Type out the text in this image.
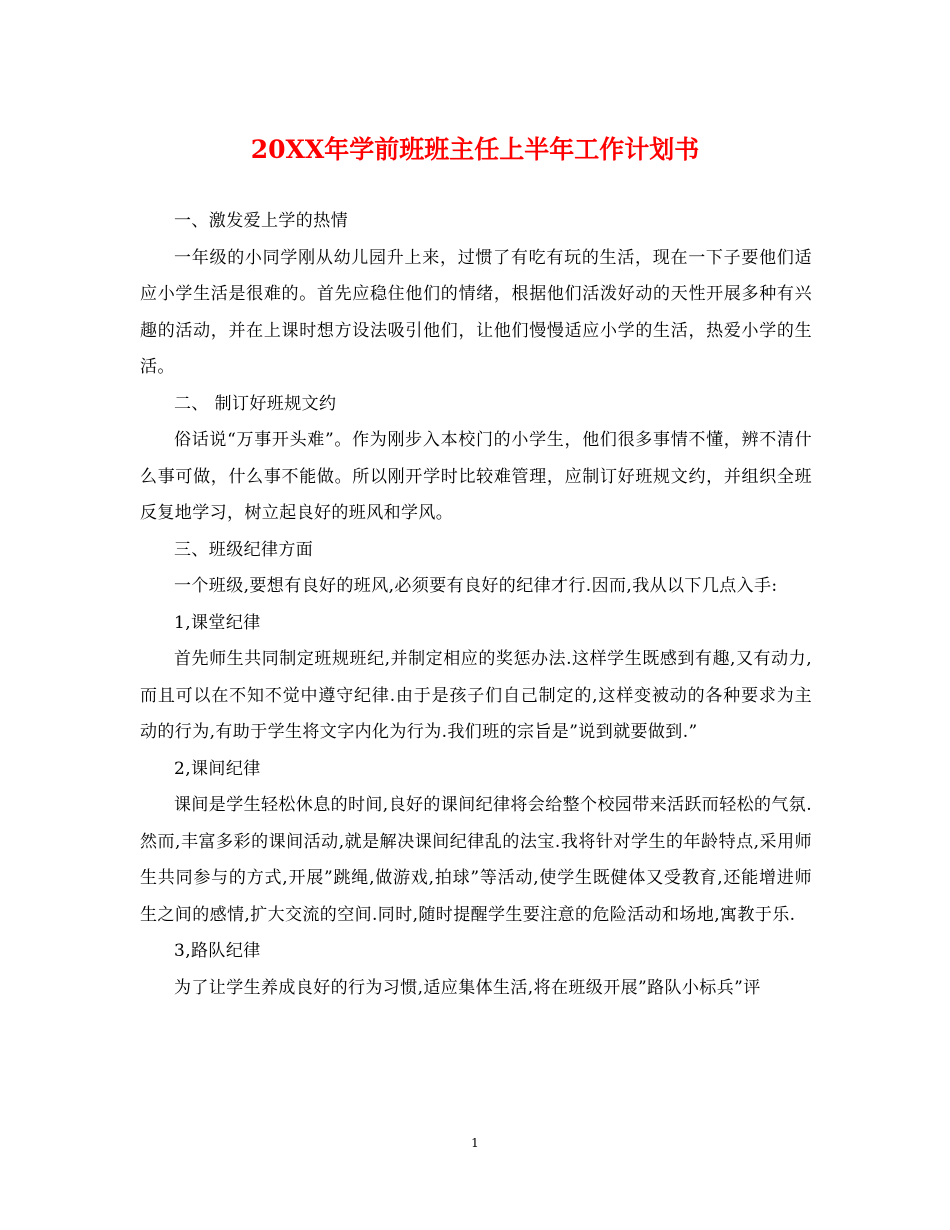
20XX年学前班班主任上半年工作计划书

一、激发爱上学的热情

一年级的小同学刚从幼儿园升上来，过惯了有吃有玩的生活，现在一下子要他们适应小学生活是很难的。首先应稳住他们的情绪，根据他们活泼好动的天性开展多种有兴趣的活动，并在上课时想方设法吸引他们，让他们慢慢适应小学的生活，热爱小学的生活。

二、 制订好班规文约

俗话说“万事开头难”。作为刚步入本校门的小学生，他们很多事情不懂，辨不清什么事可做，什么事不能做。所以刚开学时比较难管理，应制订好班规文约，并组织全班反复地学习，树立起良好的班风和学风。

三、班级纪律方面

一个班级,要想有良好的班风,必须要有良好的纪律才行.因而,我从以下几点入手:

1,课堂纪律

首先师生共同制定班规班纪,并制定相应的奖惩办法.这样学生既感到有趣,又有动力,而且可以在不知不觉中遵守纪律.由于是孩子们自己制定的,这样变被动的各种要求为主动的行为,有助于学生将文字内化为行为.我们班的宗旨是”说到就要做到.”

2,课间纪律

课间是学生轻松休息的时间,良好的课间纪律将会给整个校园带来活跃而轻松的气氛.然而,丰富多彩的课间活动,就是解决课间纪律乱的法宝.我将针对学生的年龄特点,采用师生共同参与的方式,开展”跳绳,做游戏,拍球”等活动,使学生既健体又受教育,还能增进师生之间的感情,扩大交流的空间.同时,随时提醒学生要注意的危险活动和场地,寓教于乐.

3,路队纪律

为了让学生养成良好的行为习惯,适应集体生活,将在班级开展”路队小标兵”评

1
